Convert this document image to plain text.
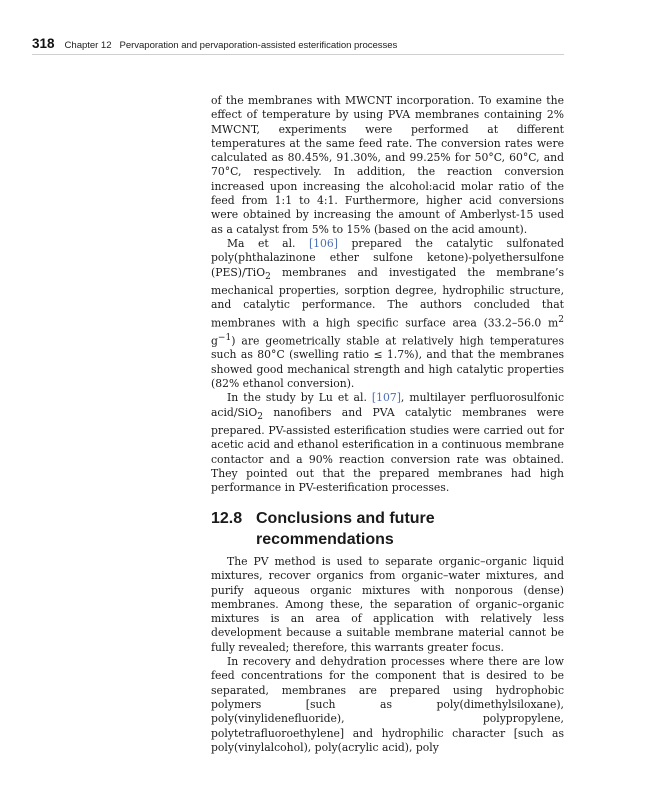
318 Chapter 12 Pervaporation and pervaporation-assisted esterification processes

of the membranes with MWCNT incorporation. To examine the effect of temperature by using PVA membranes containing 2% MWCNT, experiments were performed at different temperatures at the same feed rate. The conversion rates were calculated as 80.45%, 91.30%, and 99.25% for 50°C, 60°C, and 70°C, respectively. In addition, the reaction conversion increased upon increasing the alcohol:acid molar ratio of the feed from 1:1 to 4:1. Furthermore, higher acid conversions were obtained by increasing the amount of Amberlyst-15 used as a catalyst from 5% to 15% (based on the acid amount).

Ma et al. [106] prepared the catalytic sulfonated poly(phthalazinone ether sulfone ketone)-polyethersulfone (PES)/TiO$_2$ membranes and investigated the membrane’s mechanical properties, sorption degree, hydrophilic structure, and catalytic performance. The authors concluded that membranes with a high specific surface area (33.2–56.0 $m^2$ $g^{-1}$) are geometrically stable at relatively high temperatures such as 80°C (swelling ratio ≤ 1.7%), and that the membranes showed good mechanical strength and high catalytic properties (82% ethanol conversion).

In the study by Lu et al. [107], multilayer perfluorosulfonic acid/SiO$_2$ nanofibers and PVA catalytic membranes were prepared. PV-assisted esterification studies were carried out for acetic acid and ethanol esterification in a continuous membrane contactor and a 90% reaction conversion rate was obtained. They pointed out that the prepared membranes had high performance in PV-esterification processes.

12.8 Conclusions and future recommendations

The PV method is used to separate organic–organic liquid mixtures, recover organics from organic–water mixtures, and purify aqueous organic mixtures with nonporous (dense) membranes. Among these, the separation of organic–organic mixtures is an area of application with relatively less development because a suitable membrane material cannot be fully revealed; therefore, this warrants greater focus.

In recovery and dehydration processes where there are low feed concentrations for the component that is desired to be separated, membranes are prepared using hydrophobic polymers [such as poly(dimethylsiloxane), poly(vinylidenefluoride), polypropylene, polytetrafluoroethylene] and hydrophilic character [such as poly(vinylalcohol), poly(acrylic acid), poly
